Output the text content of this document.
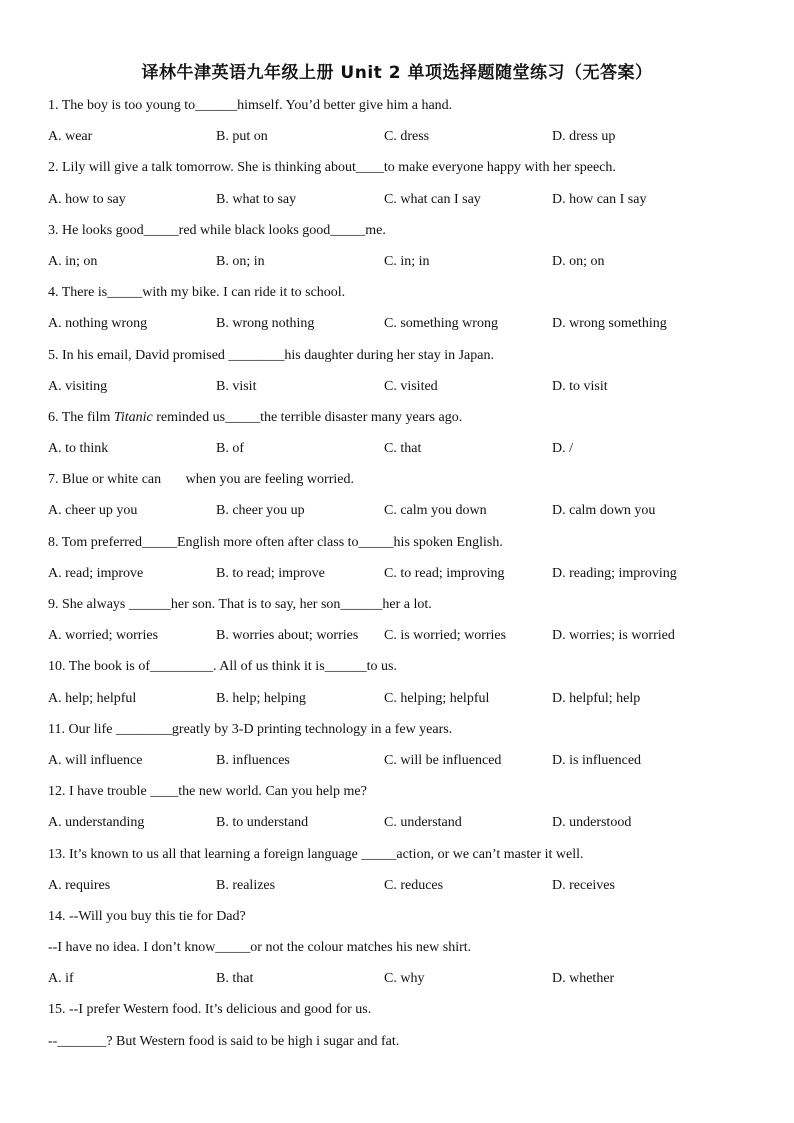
译林牛津英语九年级上册 Unit 2 单项选择题随堂练习（无答案）
1. The boy is too young to______himself. You’d better give him a hand.
A. wear	B. put on	C. dress	D. dress up
2. Lily will give a talk tomorrow. She is thinking about____to make everyone happy with her speech.
A. how to say	B. what to say	C. what can I say	D. how can I say
3. He looks good_____red while black looks good_____me.
A. in; on	B. on; in	C. in; in	D. on; on
4. There is_____with my bike. I can ride it to school.
A. nothing wrong	B. wrong nothing	C. something wrong	D. wrong something
5. In his email, David promised ________his daughter during her stay in Japan.
A. visiting	B. visit	C. visited	D. to visit
6. The film Titanic reminded us_____the terrible disaster many years ago.
A. to think	B. of	C. that	D. /
7. Blue or white can       when you are feeling worried.
A. cheer up you	B. cheer you up	C. calm you down	D. calm down you
8. Tom preferred_____English more often after class to_____his spoken English.
A. read; improve	B. to read; improve	C. to read; improving	D. reading; improving
9. She always ______her son. That is to say, her son______her a lot.
A. worried; worries	B. worries about; worries	C. is worried; worries	D. worries; is worried
10. The book is of_________. All of us think it is______to us.
A. help; helpful	B. help; helping	C. helping; helpful	D. helpful; help
11. Our life ________greatly by 3-D printing technology in a few years.
A. will influence	B. influences	C. will be influenced	D. is influenced
12. I have trouble ____the new world. Can you help me?
A. understanding	B. to understand	C. understand	D. understood
13. It’s known to us all that learning a foreign language _____action, or we can’t master it well.
A. requires	B. realizes	C. reduces	D. receives
14. --Will you buy this tie for Dad?
--I have no idea. I don’t know_____or not the colour matches his new shirt.
A. if	B. that	C. why	D. whether
15. --I prefer Western food. It’s delicious and good for us.
--_______? But Western food is said to be high i sugar and fat.
